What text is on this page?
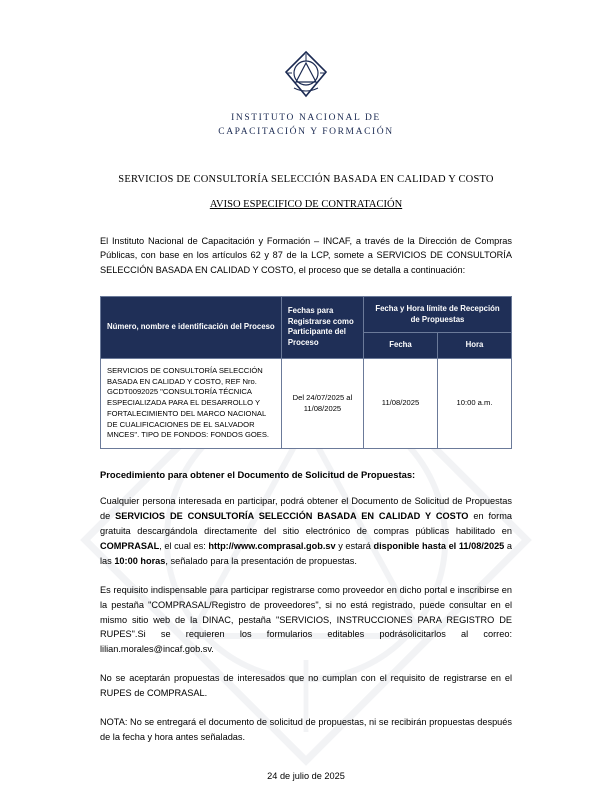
INSTITUTO NACIONAL DE
CAPACITACIÓN Y FORMACIÓN
SERVICIOS DE CONSULTORÍA SELECCIÓN BASADA EN CALIDAD Y COSTO
AVISO ESPECIFICO DE CONTRATACIÓN
El Instituto Nacional de Capacitación y Formación – INCAF, a través de la Dirección de Compras Públicas, con base en los artículos 62 y 87 de la LCP, somete a SERVICIOS DE CONSULTORÍA SELECCIÓN BASADA EN CALIDAD Y COSTO, el proceso que se detalla a continuación:
Número, nombre e identificación del Proceso	Fechas para Registrarse como Participante del Proceso	Fecha y Hora límite de Recepción de Propuestas	
		Fecha	Hora
SERVICIOS DE CONSULTORÍA SELECCIÓN BASADA EN CALIDAD Y COSTO, REF Nro. GCDT0092025 "CONSULTORÍA TÉCNICA ESPECIALIZADA PARA EL DESARROLLO Y FORTALECIMIENTO DEL MARCO NACIONAL DE CUALIFICACIONES DE EL SALVADOR MNCES". TIPO DE FONDOS: FONDOS GOES.	Del 24/07/2025 al 11/08/2025	11/08/2025	10:00 a.m.
Procedimiento para obtener el Documento de Solicitud de Propuestas:

Cualquier persona interesada en participar, podrá obtener el Documento de Solicitud de Propuestas de SERVICIOS DE CONSULTORÍA SELECCIÓN BASADA EN CALIDAD Y COSTO en forma gratuita descargándola directamente del sitio electrónico de compras públicas habilitado en COMPRASAL, el cual es: http://www.comprasal.gob.sv y estará disponible hasta el 11/08/2025 a las 10:00 horas, señalado para la presentación de propuestas.

Es requisito indispensable para participar registrarse como proveedor en dicho portal e inscribirse en la pestaña "COMPRASAL/Registro de proveedores", si no está registrado, puede consultar en el mismo sitio web de la DINAC, pestaña "SERVICIOS, INSTRUCCIONES PARA REGISTRO DE RUPES".Si se requieren los formularios editables podrásolicitarlos al correo: lilian.morales@incaf.gob.sv.

No se aceptarán propuestas de interesados que no cumplan con el requisito de registrarse en el RUPES de COMPRASAL.

NOTA: No se entregará el documento de solicitud de propuestas, ni se recibirán propuestas después de la fecha y hora antes señaladas.

24 de julio de 2025
